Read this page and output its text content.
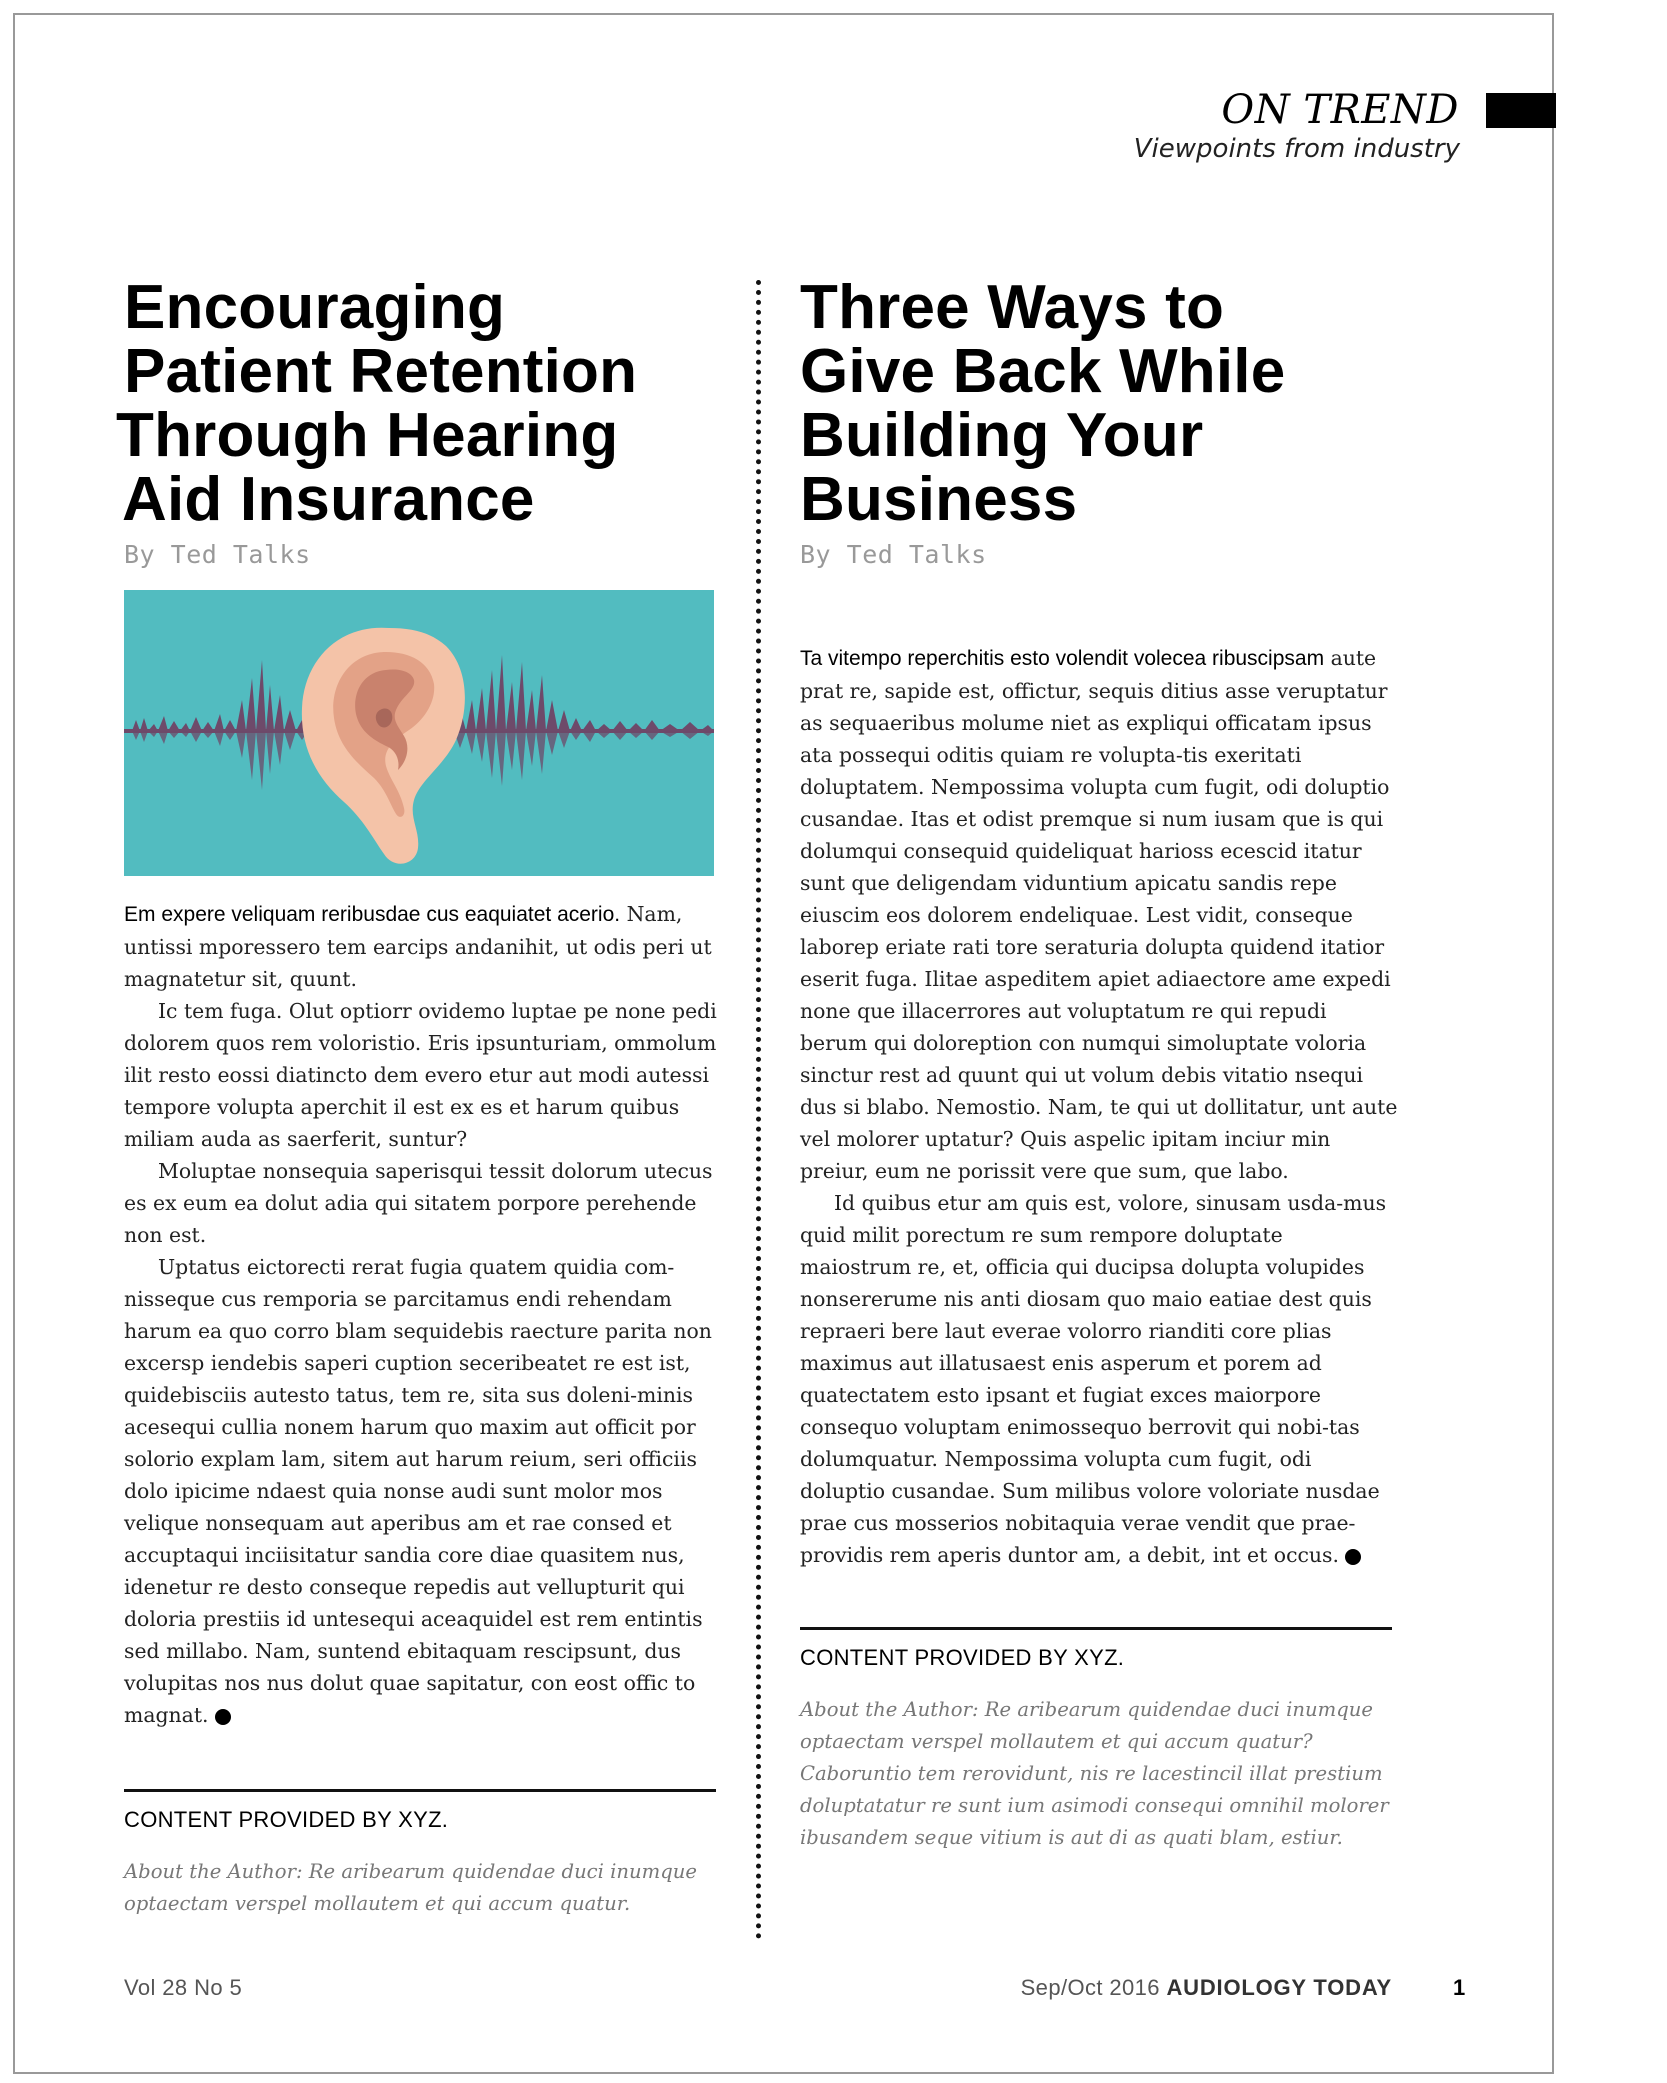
ON TREND
Viewpoints from industry
Encouraging
Patient Retention
Through Hearing
Aid Insurance
By Ted Talks

Em expere veliquam reribusdae cus eaquiatet acerio. Nam, untissi mporessero tem earcips andanihit, ut odis peri ut magnatetur sit, quunt.

Ic tem fuga. Olut optiorr ovidemo luptae pe none pedi dolorem quos rem voloristio. Eris ipsunturiam, ommolum ilit resto eossi diatincto dem evero etur aut modi autessi tempore volupta aperchit il est ex es et harum quibus miliam auda as saerferit, suntur?

Moluptae nonsequia saperisqui tessit dolorum utecus es ex eum ea dolut adia qui sitatem porpore perehende non est.

Uptatus eictorecti rerat fugia quatem quidia com-nisseque cus remporia se parcitamus endi rehendam harum ea quo corro blam sequidebis raecture parita non excersp iendebis saperi cuption seceribeatet re est ist, quidebisciis autesto tatus, tem re, sita sus doleni-minis acesequi cullia nonem harum quo maxim aut officit por solorio explam lam, sitem aut harum reium, seri officiis dolo ipicime ndaest quia nonse audi sunt molor mos velique nonsequam aut aperibus am et rae consed et accuptaqui inciisitatur sandia core diae quasitem nus, idenetur re desto conseque repedis aut vellupturit qui doloria prestiis id untesequi aceaquidel est rem entintis sed millabo. Nam, suntend ebitaquam rescipsunt, dus volupitas nos nus dolut quae sapitatur, con eost offic to magnat.	AT

CONTENT PROVIDED BY XYZ.
About the Author: Re aribearum quidendae duci inumque optaectam verspel mollautem et qui accum quatur.
Three Ways to
Give Back While
Building Your
Business
By Ted Talks

Ta vitempo reperchitis esto volendit volecea ribuscipsam aute prat re, sapide est, offictur, sequis ditius asse veruptatur as sequaeribus molume niet as expliqui officatam ipsus ata possequi oditis quiam re volupta-tis exeritati doluptatem. Nempossima volupta cum fugit, odi doluptio cusandae. Itas et odist premque si num iusam que is qui dolumqui consequid quideliquat harioss ecescid itatur sunt que deligendam viduntium apicatu sandis repe eiuscim eos dolorem endeliquae. Lest vidit, conseque laborep eriate rati tore seraturia dolupta quidend itatior eserit fuga. Ilitae aspeditem apiet adiaectore ame expedi none que illacerrores aut voluptatum re qui repudi berum qui doloreption con numqui simoluptate voloria sinctur rest ad quunt qui ut volum debis vitatio nsequi dus si blabo. Nemostio. Nam, te qui ut dollitatur, unt aute vel molorer uptatur? Quis aspelic ipitam inciur min preiur, eum ne porissit vere que sum, que labo.

Id quibus etur am quis est, volore, sinusam usda-mus quid milit porectum re sum rempore doluptate maiostrum re, et, officia qui ducipsa dolupta volupides nonsererume nis anti diosam quo maio eatiae dest quis repraeri bere laut everae volorro rianditi core plias maximus aut illatusaest enis asperum et porem ad quatectatem esto ipsant et fugiat exces maiorpore consequo voluptam enimossequo berrovit qui nobi-tas dolumquatur. Nempossima volupta cum fugit, odi doluptio cusandae. Sum milibus volore voloriate nusdae prae cus mosserios nobitaquia verae vendit que prae-providis rem aperis duntor am, a debit, int et occus.	AT

CONTENT PROVIDED BY XYZ.
About the Author: Re aribearum quidendae duci inumque optaectam verspel mollautem et qui accum quatur?Caboruntio tem rerovidunt, nis re lacestincil illat prestium doluptatatur re sunt ium asimodi consequi omnihil molorer ibusandem seque vitium is aut di as quati blam, estiur.
Vol 28 No 5	Sep/Oct 2016 AUDIOLOGY TODAY	1
